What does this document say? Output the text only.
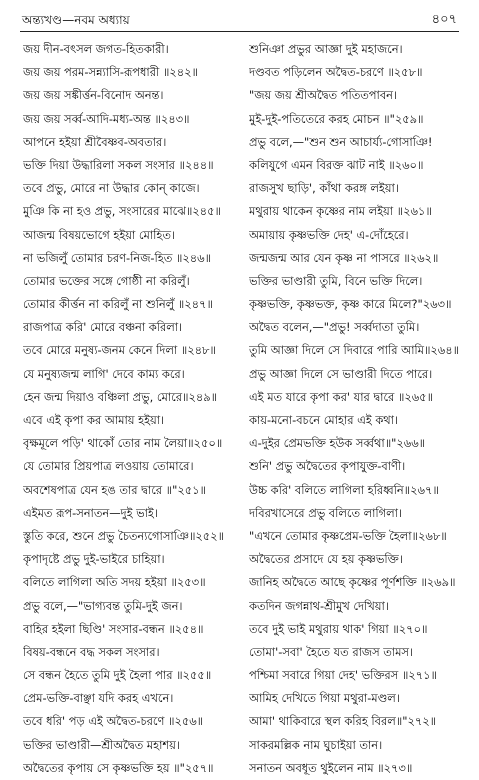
অন্ত্যখণ্ড—নবম অধ্যায়	৪০৭
জয় দীন-বৎসল জগত-হিতকারী।
জয় জয় পরম-সন্ন্যাসি-রূপধারী ॥২৪২॥
জয় জয় সঙ্কীর্ত্তন-বিনোদ অনন্ত।
জয় জয় সর্ব্ব-আদি-মধ্য-অন্ত ॥২৪৩॥
আপনে হইয়া শ্রীবৈষ্ণব-অবতার।
ভক্তি দিয়া উদ্ধারিলা সকল সংসার ॥২৪৪॥
তবে প্রভু, মোরে না উদ্ধার কোন্ কাজে।
মুঞি কি না হও প্রভু, সংসারের মাঝে॥২৪৫॥
আজন্ম বিষয়ভোগে হইয়া মোহিত।
না ভজিলুঁ তোমার চরণ-নিজ-হিত ॥২৪৬॥
তোমার ভক্তের সঙ্গে গোষ্ঠী না করিলুঁ।
তোমার কীর্ত্তন না করিলুঁ না শুনিলুঁ ॥২৪৭॥
রাজপাত্র করি' মোরে বঞ্চনা করিলা।
তবে মোরে মনুষ্য-জনম কেনে দিলা ॥২৪৮॥
যে মনুষ্যজন্ম লাগি' দেবে কাম্য করে।
হেন জন্ম দিয়াও বঞ্চিলা প্রভু, মোরে॥২৪৯॥
এবে এই কৃপা কর আমায় হইয়া।
বৃক্ষমূলে পড়ি' থাকোঁ তোর নাম লৈয়া॥২৫০॥
যে তোমার প্রিয়পাত্র লওয়ায় তোমারে।
অবশেষপাত্র যেন হঙ তার দ্বারে ॥"২৫১॥
এইমত রূপ-সনাতন—দুই ভাই।
স্তুতি করে, শুনে প্রভু চৈতন্যগোসাঞি॥২৫২॥
কৃপাদৃষ্টে প্রভু দুই-ভাইরে চাহিয়া।
বলিতে লাগিলা অতি সদয় হইয়া ॥২৫৩॥
প্রভু বলে,—"ভাগ্যবন্ত তুমি-দুই জন।
বাহির হইলা ছিণ্ডি' সংসার-বন্ধন ॥২৫৪॥
বিষয়-বন্ধনে বদ্ধ সকল সংসার।
সে বন্ধন হৈতে তুমি দুই হৈলা পার ॥২৫৫॥
প্রেম-ভক্তি-বাঞ্ছা যদি করহ এখনে।
তবে ধরি' পড় এই অদ্বৈত-চরণে ॥২৫৬॥
ভক্তির ভাণ্ডারী—শ্রীঅদ্বৈত মহাশয়।
অদ্বৈতের কৃপায় সে কৃষ্ণভক্তি হয় ॥"২৫৭॥
শুনিঞা প্রভুর আজ্ঞা দুই মহাজনে।
দণ্ডবত পড়িলেন অদ্বৈত-চরণে ॥২৫৮॥
"জয় জয় শ্রীঅদ্বৈত পতিতপাবন।
মুই-দুই-পতিতেরে করহ মোচন ॥"২৫৯॥
প্রভু বলে,—"শুন শুন আচার্য্য-গোসাঞি!
কলিযুগে এমন বিরক্ত ঝাট নাই ॥২৬০॥
রাজসুখ ছাড়ি', কাঁথা করঙ্গ লইয়া।
মথুরায় থাকেন কৃষ্ণের নাম লইয়া ॥২৬১॥
অমায়ায় কৃষ্ণভক্তি দেহ' এ-দোঁহেরে।
জন্মজন্ম আর যেন কৃষ্ণ না পাসরে ॥২৬২॥
ভক্তির ভাণ্ডারী তুমি, বিনে ভক্তি দিলে।
কৃষ্ণভক্তি, কৃষ্ণভক্ত, কৃষ্ণ কারে মিলে?"২৬৩॥
অদ্বৈত বলেন,—"প্রভু! সর্ব্বদাতা তুমি।
তুমি আজ্ঞা দিলে সে দিবারে পারি আমি॥২৬৪॥
প্রভু আজ্ঞা দিলে সে ভাণ্ডারী দিতে পারে।
এই মত যারে কৃপা কর' যার দ্বারে ॥২৬৫॥
কায়-মনো-বচনে মোহার এই কথা।
এ-দুইর প্রেমভক্তি হউক সর্ব্বথা॥"২৬৬॥
শুনি' প্রভু অদ্বৈতের কৃপাযুক্ত-বাণী।
উচ্চ করি' বলিতে লাগিলা হরিধ্বনি॥২৬৭॥
দবিরখাসেরে প্রভু বলিতে লাগিলা।
"এখনে তোমার কৃষ্ণপ্রেম-ভক্তি হৈলা॥২৬৮॥
অদ্বৈতের প্রসাদে যে হয় কৃষ্ণভক্তি।
জানিহ অদ্বৈতে আছে কৃষ্ণের পূর্ণশক্তি ॥২৬৯॥
কতদিন জগন্নাথ-শ্রীমুখ দেখিয়া।
তবে দুই ভাই মথুরায় থাক' গিয়া ॥২৭০॥
তোমা'-সবা' হৈতে যত রাজস তামস।
পশ্চিমা সবারে গিয়া দেহ' ভক্তিরস ॥২৭১॥
আমিহ দেখিতে গিয়া মথুরা-মণ্ডল।
আমা' থাকিবারে স্থল করিহ বিরল॥"২৭২॥
সাকরমল্লিক নাম ঘুচাইয়া তান।
সনাতন অবধূত থুইলেন নাম ॥২৭৩॥
